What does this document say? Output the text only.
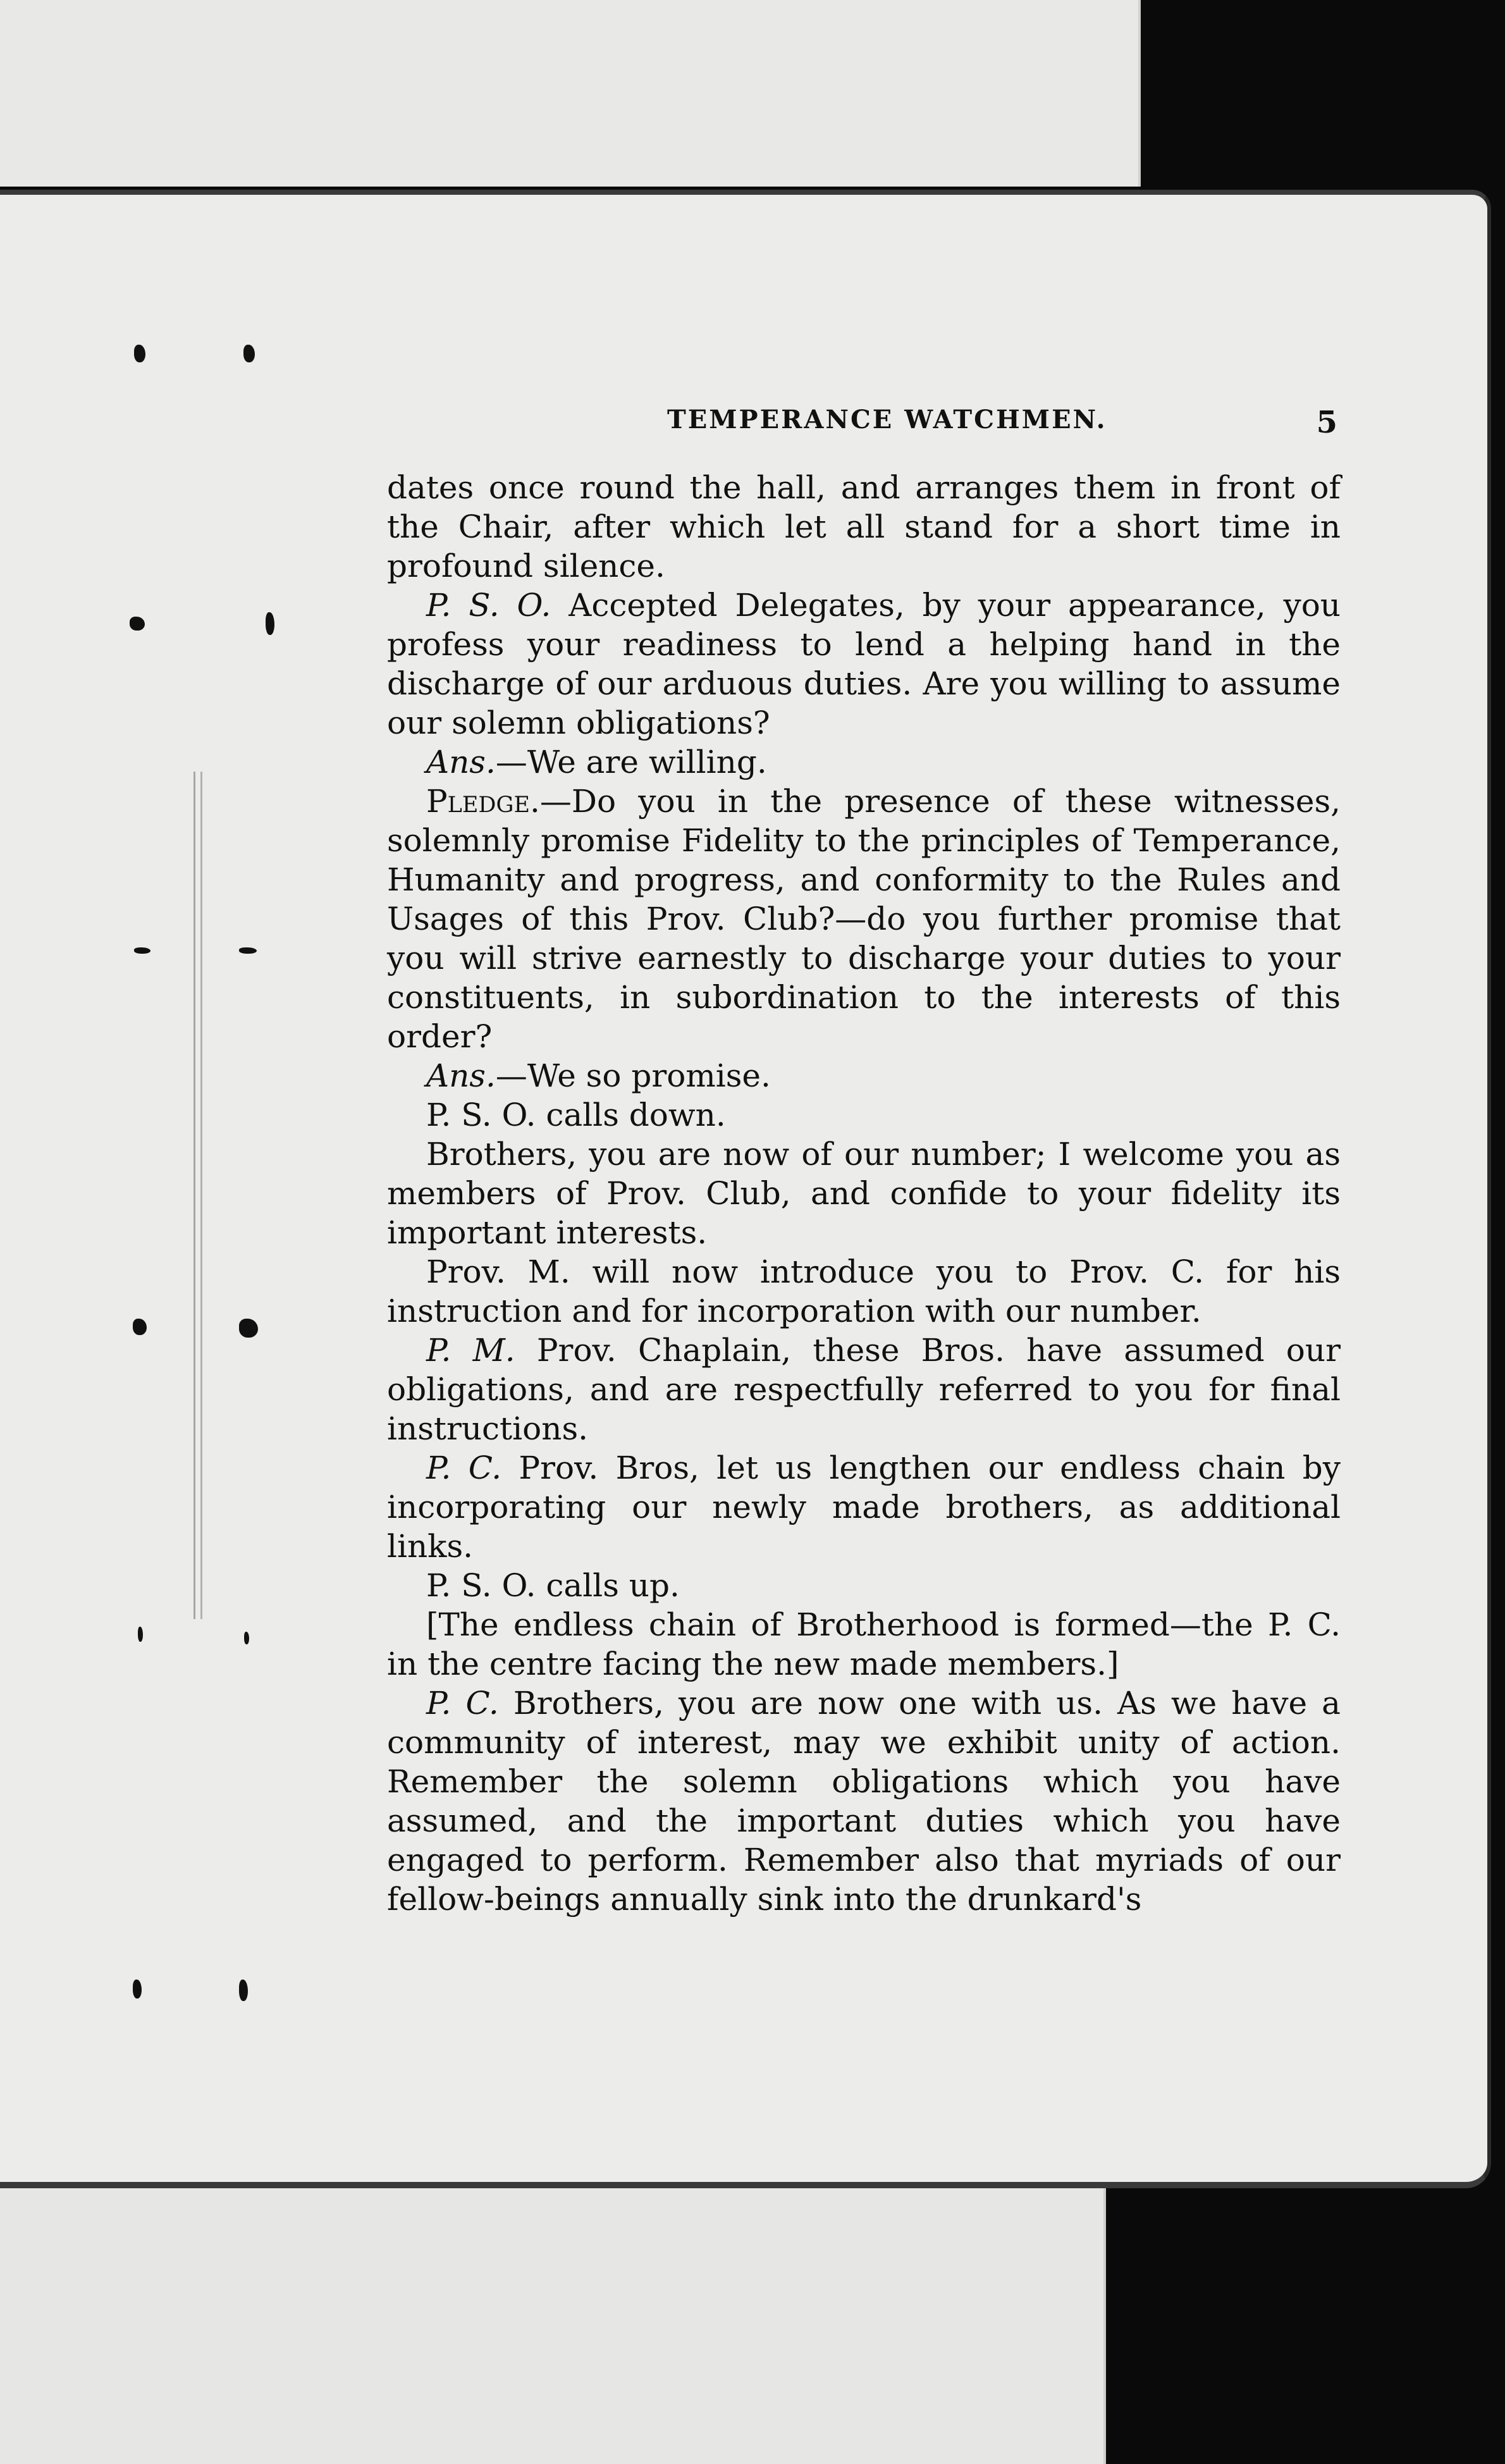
TEMPERANCE WATCHMEN.	5

dates once round the hall, and arranges them in front of the Chair, after which let all stand for a short time in profound silence.

P. S. O. Accepted Delegates, by your appearance, you profess your readiness to lend a helping hand in the discharge of our arduous duties. Are you willing to assume our solemn obligations?

Ans.—We are willing.

Pledge.—Do you in the presence of these witnesses, solemnly promise Fidelity to the principles of Temperance, Humanity and progress, and conformity to the Rules and Usages of this Prov. Club?—do you further promise that you will strive earnestly to discharge your duties to your constituents, in subordination to the interests of this order?

Ans.—We so promise.

P. S. O. calls down.

Brothers, you are now of our number; I welcome you as members of Prov. Club, and confide to your fidelity its important interests.

Prov. M. will now introduce you to Prov. C. for his instruction and for incorporation with our number.

P. M. Prov. Chaplain, these Bros. have assumed our obligations, and are respectfully referred to you for final instructions.

P. C. Prov. Bros, let us lengthen our endless chain by incorporating our newly made brothers, as additional links.

P. S. O. calls up.

[The endless chain of Brotherhood is formed—the P. C. in the centre facing the new made members.]

P. C. Brothers, you are now one with us. As we have a community of interest, may we exhibit unity of action. Remember the solemn obligations which you have assumed, and the important duties which you have engaged to perform. Remember also that myriads of our fellow-beings annually sink into the drunkard's
